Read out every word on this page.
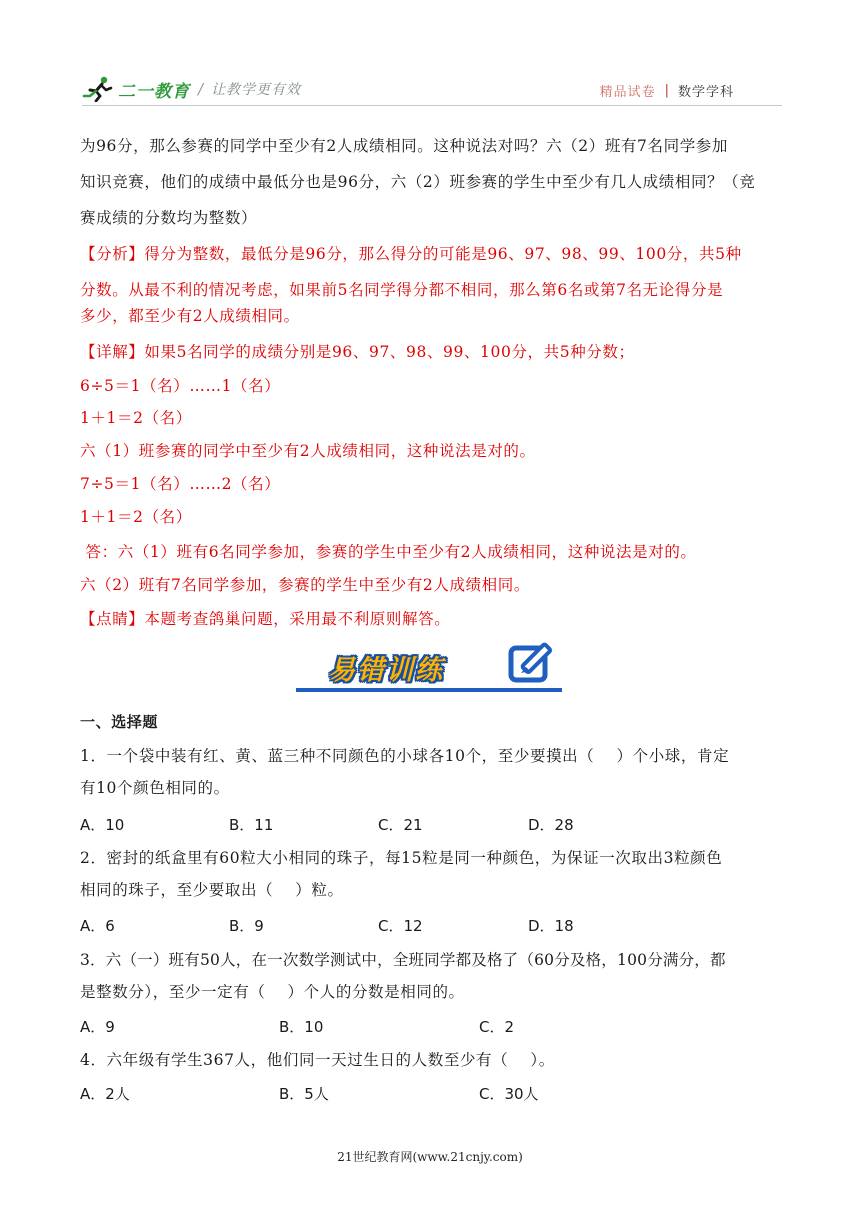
二一教育 / 让教学更有效	精品试卷 | 数学学科
为96分，那么参赛的同学中至少有2人成绩相同。这种说法对吗？六（2）班有7名同学参加
知识竞赛，他们的成绩中最低分也是96分，六（2）班参赛的学生中至少有几人成绩相同？（竞
赛成绩的分数均为整数）
【分析】得分为整数，最低分是96分，那么得分的可能是96、97、98、99、100分，共5种
分数。从最不利的情况考虑，如果前5名同学得分都不相同，那么第6名或第7名无论得分是
多少，都至少有2人成绩相同。
【详解】如果5名同学的成绩分别是96、97、98、99、100分，共5种分数；
6÷5＝1（名）……1（名）
1＋1＝2（名）
六（1）班参赛的同学中至少有2人成绩相同，这种说法是对的。
7÷5＝1（名）……2（名）
1＋1＝2（名）
答：六（1）班有6名同学参加，参赛的学生中至少有2人成绩相同，这种说法是对的。
六（2）班有7名同学参加，参赛的学生中至少有2人成绩相同。
【点睛】本题考查鸽巢问题，采用最不利原则解答。
易错训练
一、选择题
1．一个袋中装有红、黄、蓝三种不同颜色的小球各10个，至少要摸出（    ）个小球，肯定
有10个颜色相同的。
A．10	B．11	C．21	D．28
2．密封的纸盒里有60粒大小相同的珠子，每15粒是同一种颜色，为保证一次取出3粒颜色
相同的珠子，至少要取出（    ）粒。
A．6	B．9	C．12	D．18
3．六（一）班有50人，在一次数学测试中，全班同学都及格了（60分及格，100分满分，都
是整数分），至少一定有（    ）个人的分数是相同的。
A．9	B．10	C．2
4．六年级有学生367人，他们同一天过生日的人数至少有（    ）。
A．2人	B．5人	C．30人
21世纪教育网(www.21cnjy.com)
